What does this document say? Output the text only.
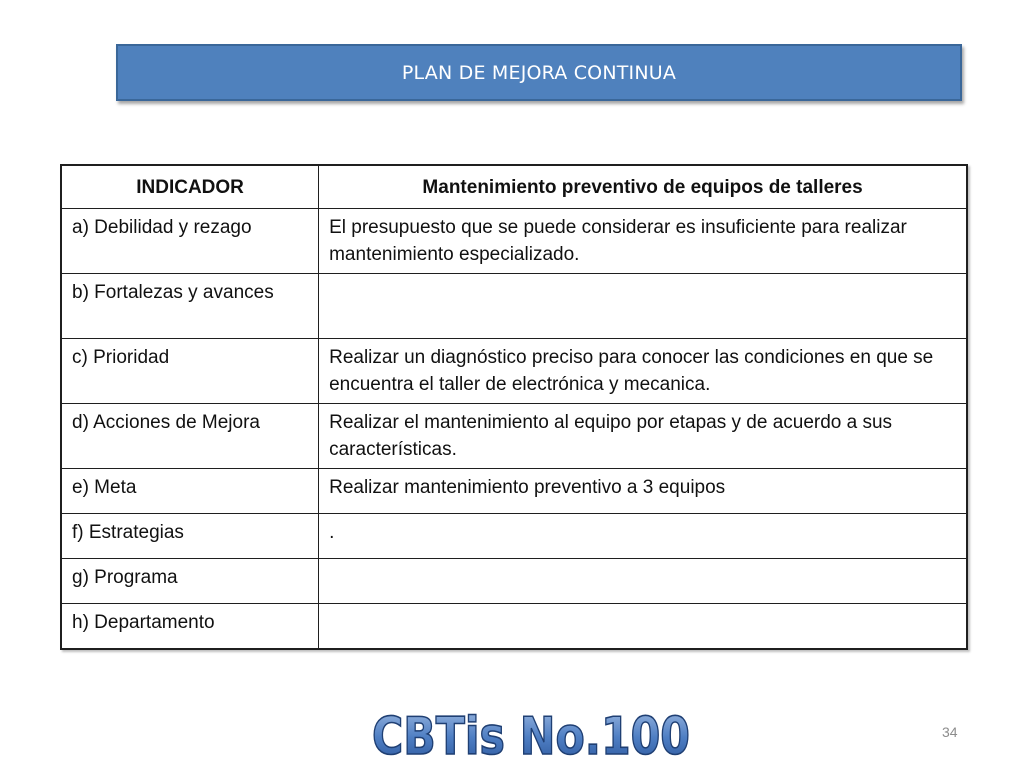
PLAN DE MEJORA CONTINUA
INDICADOR	Mantenimiento preventivo de equipos de talleres
a) Debilidad y rezago	El presupuesto que se puede considerar es insuficiente para realizar mantenimiento especializado.
b) Fortalezas y avances	
c) Prioridad	Realizar un diagnóstico preciso para conocer las condiciones en que se encuentra el taller de electrónica y mecanica.
d) Acciones de Mejora	Realizar el mantenimiento al equipo por etapas y de acuerdo a sus características.
e) Meta	Realizar mantenimiento preventivo a 3 equipos
f) Estrategias	.
g) Programa	
h) Departamento	
CBTis No.100	34
